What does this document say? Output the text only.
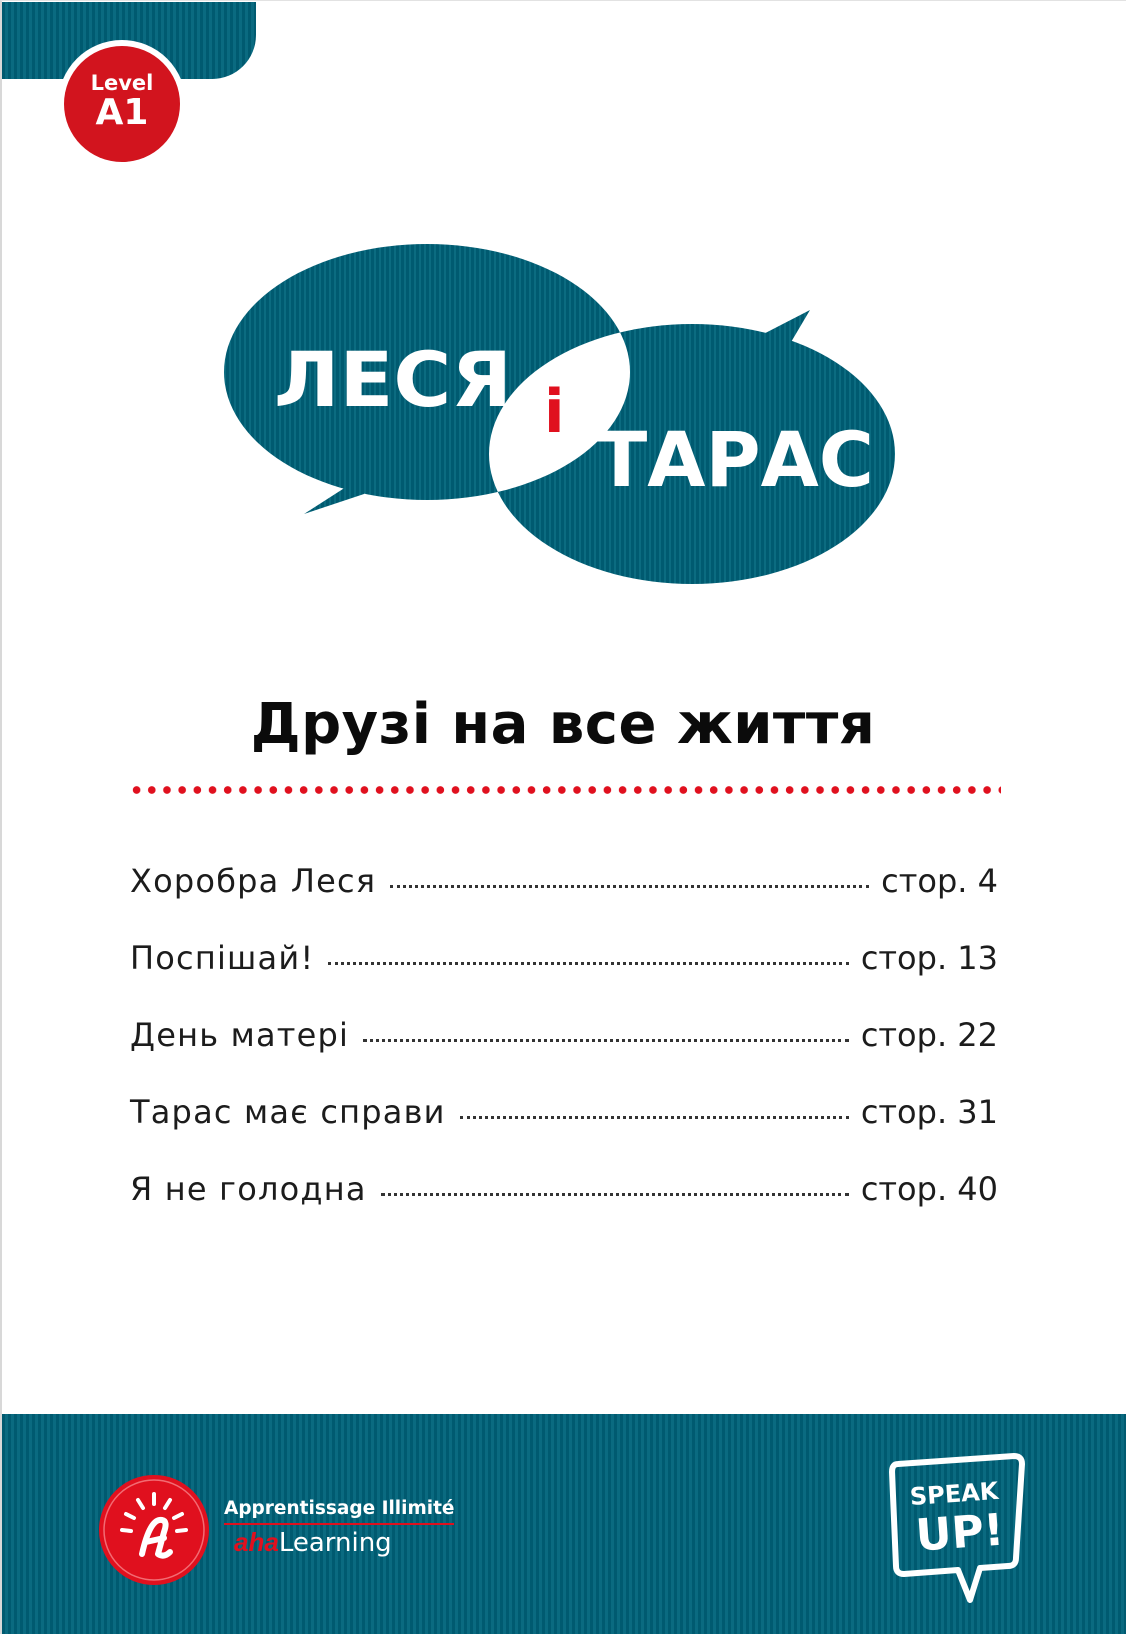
Level
A1
ЛЕСЯ і
ТАРАС
Друзі на все життя
Хоробра Леся	стор. 4
Поспішай!	стор. 13
День матері	стор. 22
Тарас має справи	стор. 31
Я не голодна	стор. 40
Apprentissage Illimité
ahaLearning
SPEAK
UP!
